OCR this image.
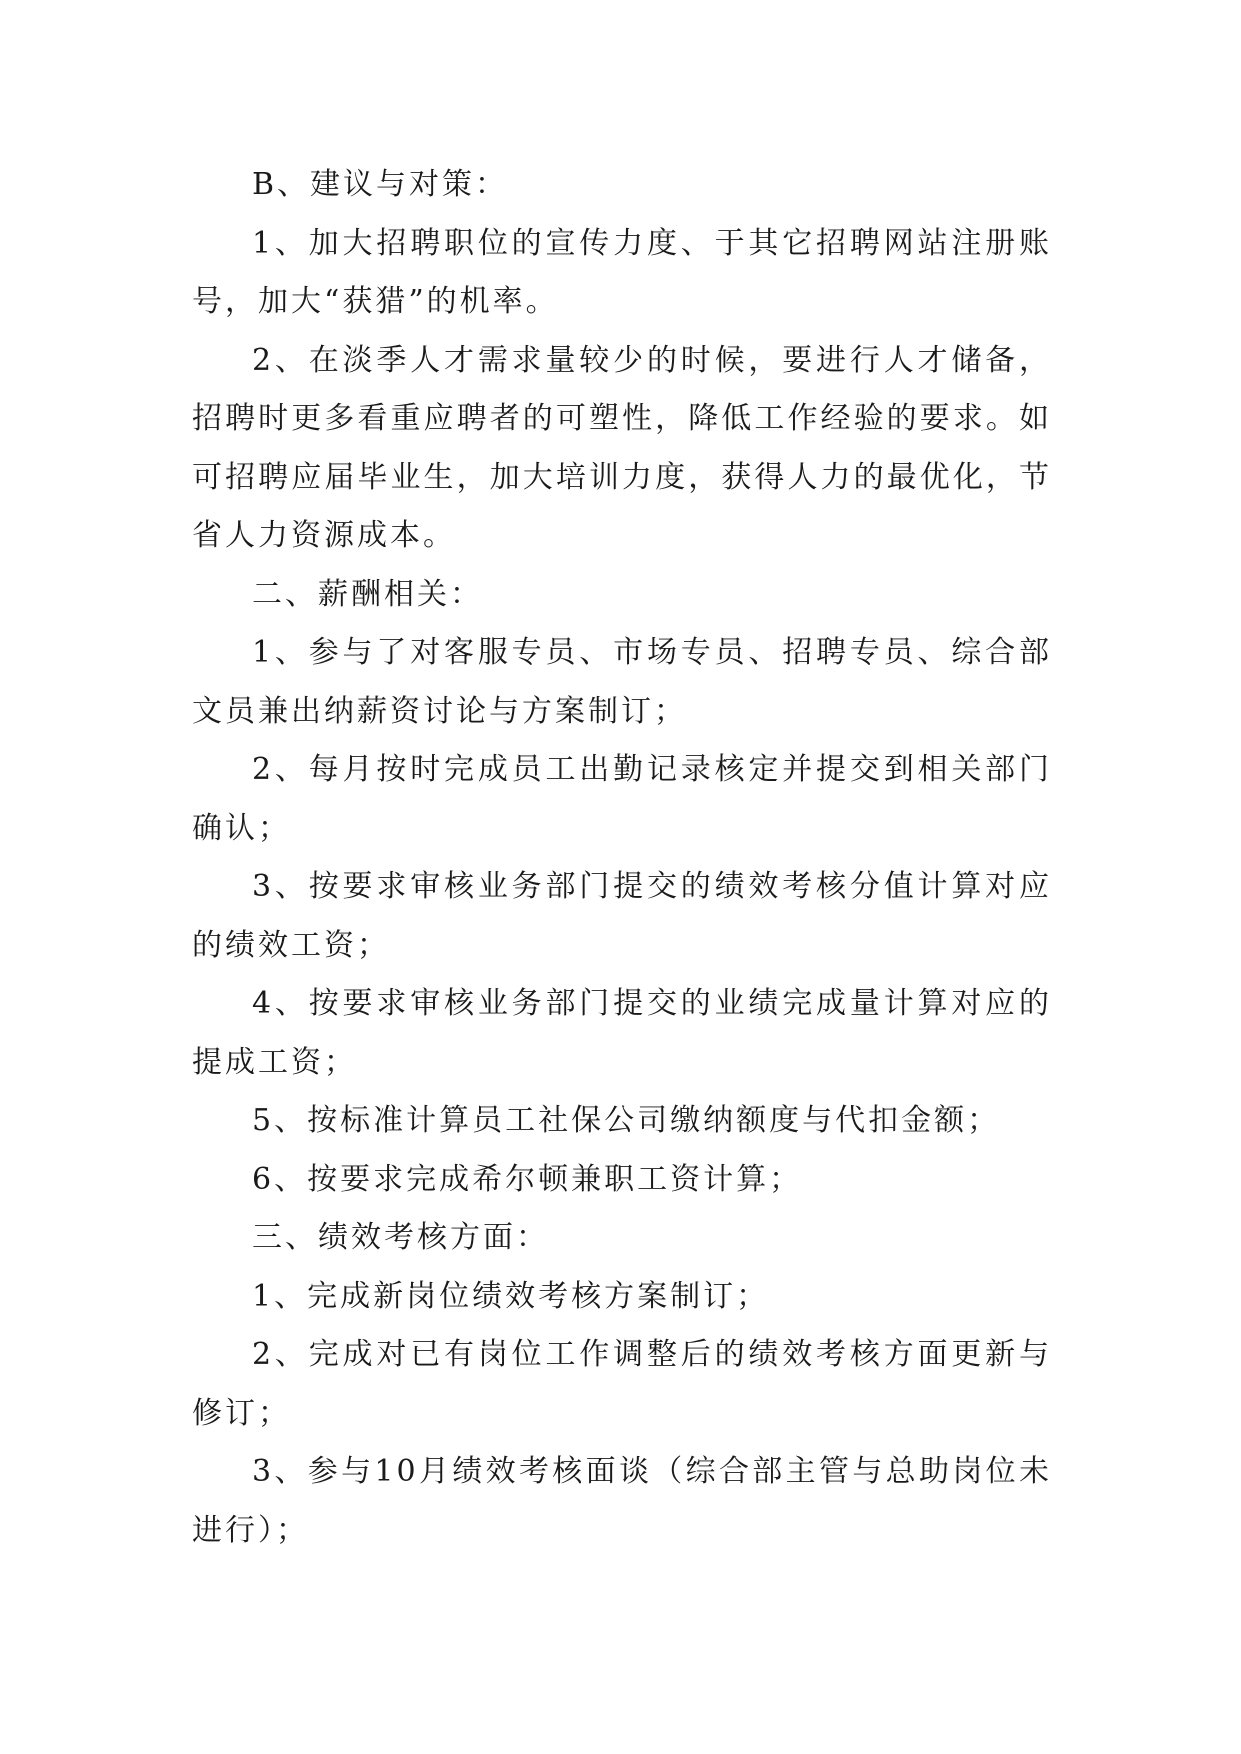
B、建议与对策：

1、加大招聘职位的宣传力度、于其它招聘网站注册账号，加大“获猎”的机率。

2、在淡季人才需求量较少的时候，要进行人才储备，招聘时更多看重应聘者的可塑性，降低工作经验的要求。如可招聘应届毕业生，加大培训力度，获得人力的最优化，节省人力资源成本。

二、薪酬相关：

1、参与了对客服专员、市场专员、招聘专员、综合部文员兼出纳薪资讨论与方案制订；

2、每月按时完成员工出勤记录核定并提交到相关部门确认；

3、按要求审核业务部门提交的绩效考核分值计算对应的绩效工资；

4、按要求审核业务部门提交的业绩完成量计算对应的提成工资；

5、按标准计算员工社保公司缴纳额度与代扣金额；

6、按要求完成希尔顿兼职工资计算；

三、绩效考核方面：

1、完成新岗位绩效考核方案制订；

2、完成对已有岗位工作调整后的绩效考核方面更新与修订；

3、参与10月绩效考核面谈（综合部主管与总助岗位未进行）；
